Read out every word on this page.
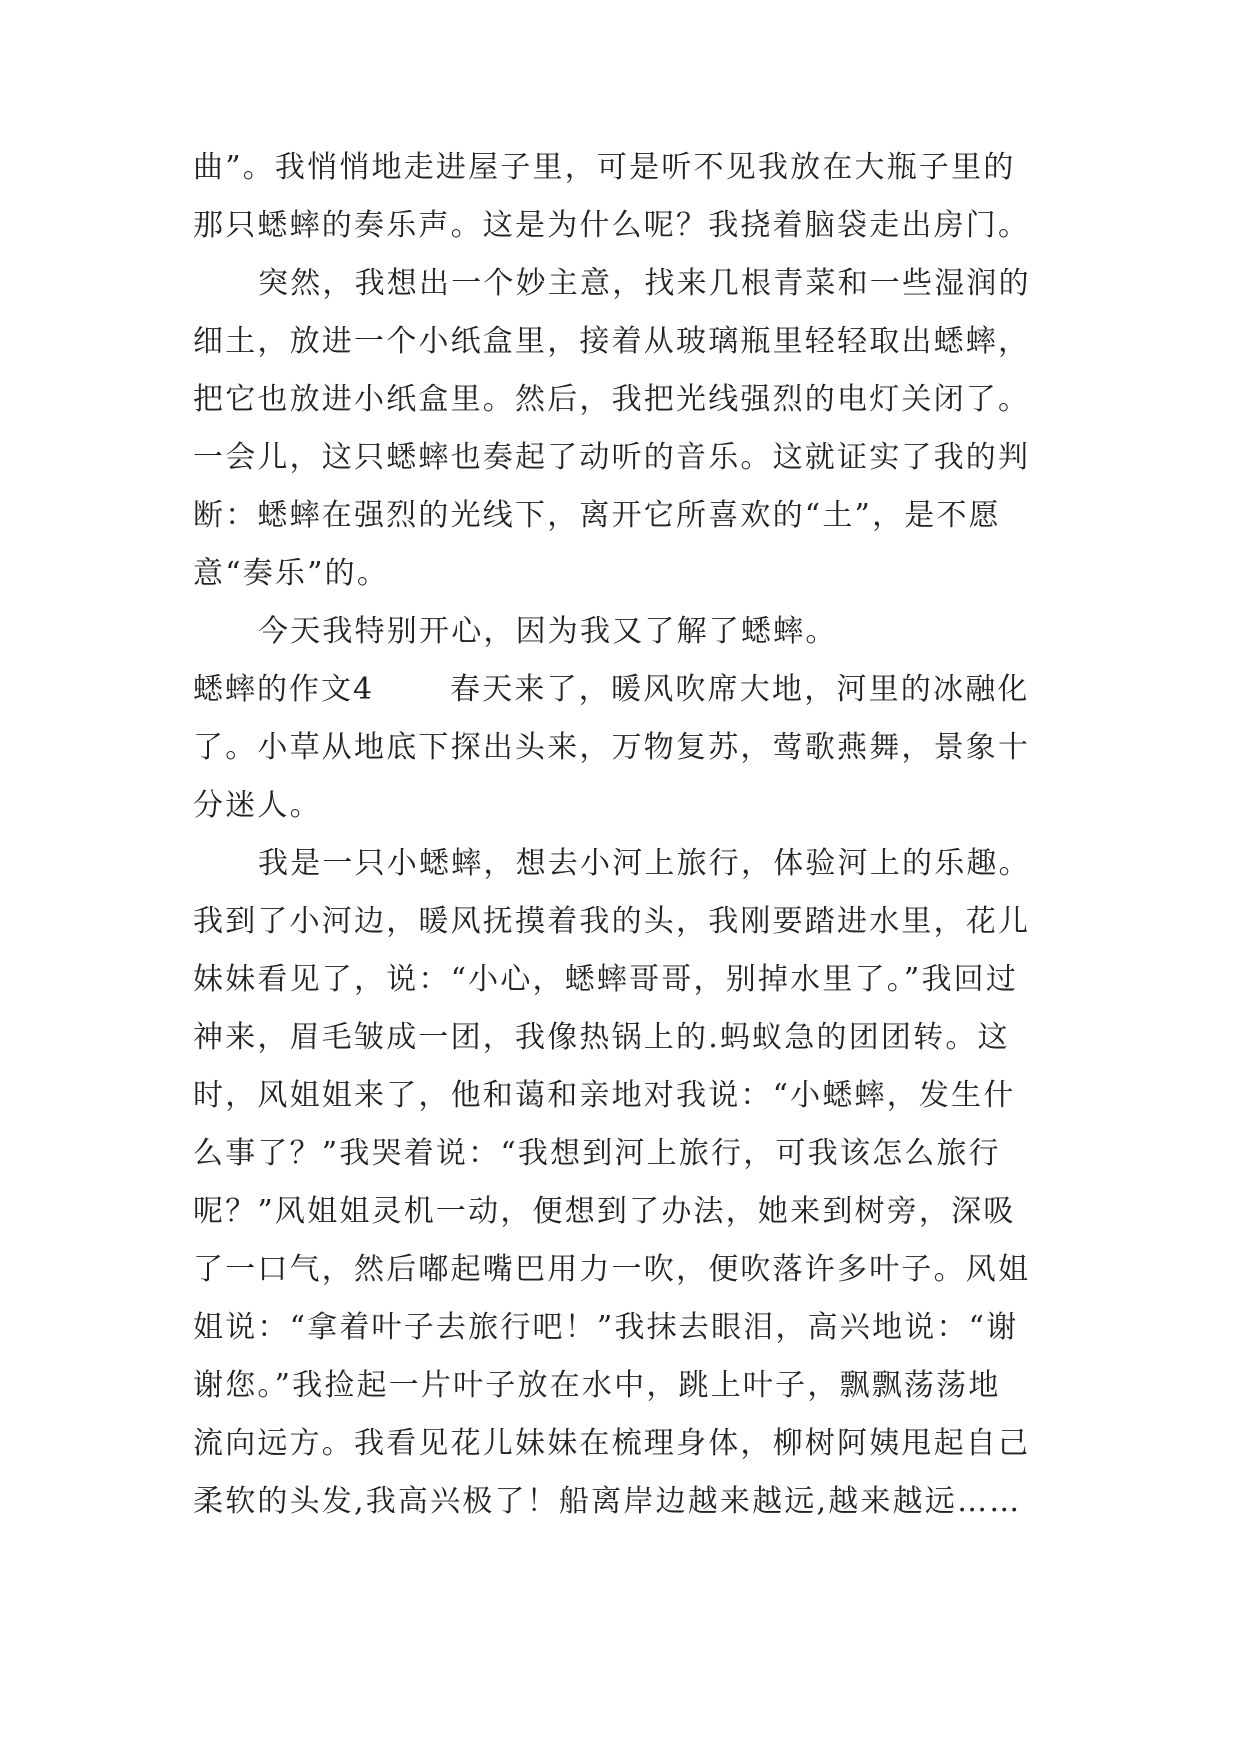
曲”。我悄悄地走进屋子里，可是听不见我放在大瓶子里的
那只蟋蟀的奏乐声。这是为什么呢？我挠着脑袋走出房门。
突然，我想出一个妙主意，找来几根青菜和一些湿润的
细土，放进一个小纸盒里，接着从玻璃瓶里轻轻取出蟋蟀，
把它也放进小纸盒里。然后，我把光线强烈的电灯关闭了。
一会儿，这只蟋蟀也奏起了动听的音乐。这就证实了我的判
断：蟋蟀在强烈的光线下，离开它所喜欢的“土”，是不愿
意“奏乐”的。
今天我特别开心，因为我又了解了蟋蟀。
蟋蟀的作文4	春天来了，暖风吹席大地，河里的冰融化
了。小草从地底下探出头来，万物复苏，莺歌燕舞，景象十
分迷人。
我是一只小蟋蟀，想去小河上旅行，体验河上的乐趣。
我到了小河边，暖风抚摸着我的头，我刚要踏进水里，花儿
妹妹看见了，说：“小心，蟋蟀哥哥，别掉水里了。”我回过
神来，眉毛皱成一团，我像热锅上的.蚂蚁急的团团转。这
时，风姐姐来了，他和蔼和亲地对我说：“小蟋蟀，发生什
么事了？”我哭着说：“我想到河上旅行，可我该怎么旅行
呢？”风姐姐灵机一动，便想到了办法，她来到树旁，深吸
了一口气，然后嘟起嘴巴用力一吹，便吹落许多叶子。风姐
姐说：“拿着叶子去旅行吧！”我抹去眼泪，高兴地说：“谢
谢您。”我捡起一片叶子放在水中，跳上叶子，飘飘荡荡地
流向远方。我看见花儿妹妹在梳理身体，柳树阿姨甩起自己
柔软的头发,我高兴极了！船离岸边越来越远,越来越远……
